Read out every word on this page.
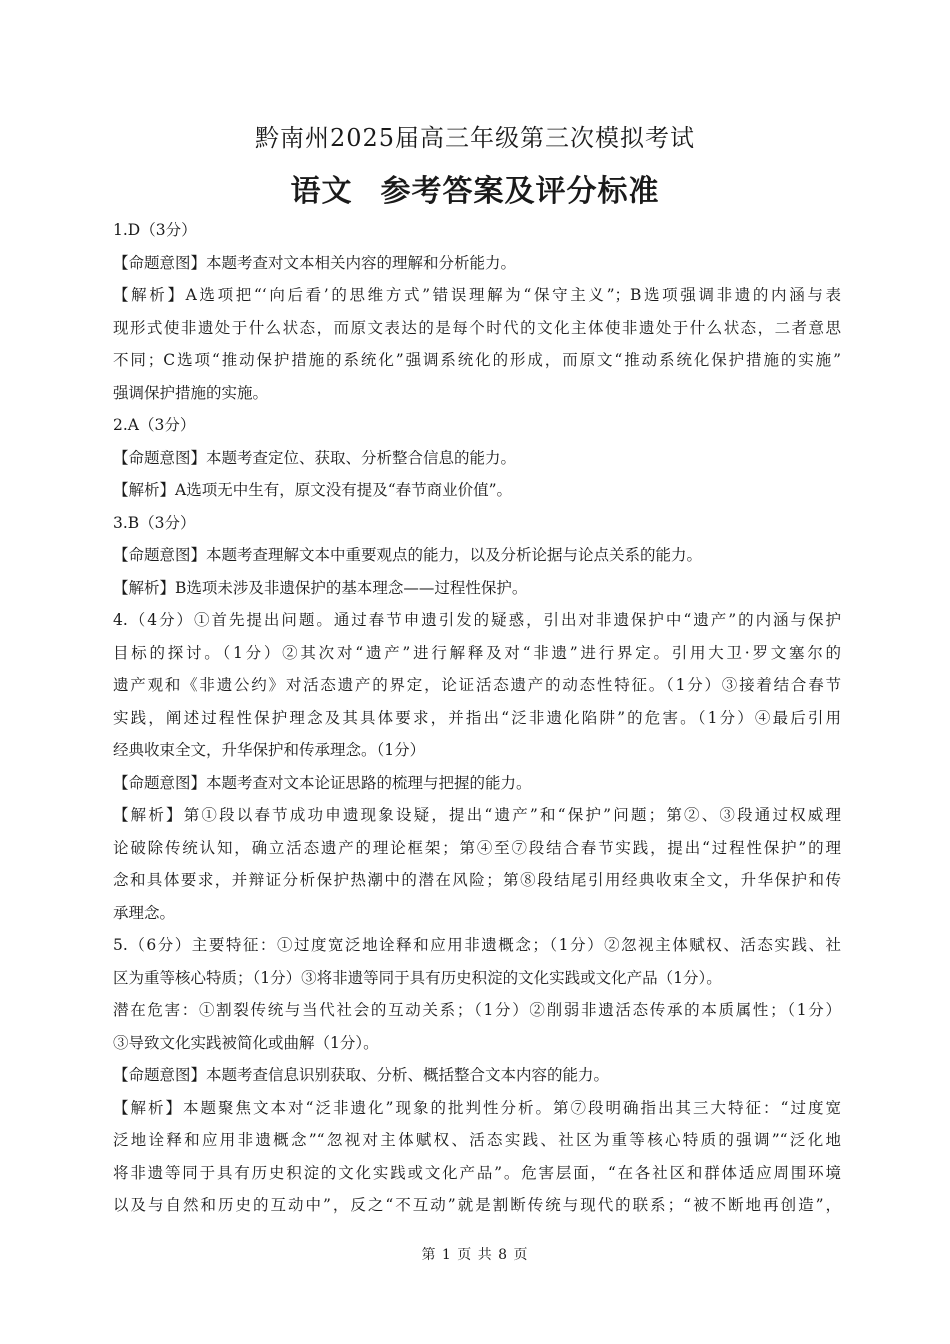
黔南州2025届高三年级第三次模拟考试
语文 参考答案及评分标准
1.D（3分）
【命题意图】本题考查对文本相关内容的理解和分析能力。
【解析】A选项把“‘向后看’的思维方式”错误理解为“保守主义”；B选项强调非遗的内涵与表
现形式使非遗处于什么状态，而原文表达的是每个时代的文化主体使非遗处于什么状态，二者意思
不同；C选项“推动保护措施的系统化”强调系统化的形成，而原文“推动系统化保护措施的实施”
强调保护措施的实施。
2.A（3分）
【命题意图】本题考查定位、获取、分析整合信息的能力。
【解析】A选项无中生有，原文没有提及“春节商业价值”。
3.B（3分）
【命题意图】本题考查理解文本中重要观点的能力，以及分析论据与论点关系的能力。
【解析】B选项未涉及非遗保护的基本理念——过程性保护。
4.（4分）①首先提出问题。通过春节申遗引发的疑惑，引出对非遗保护中“遗产”的内涵与保护
目标的探讨。（1分）②其次对“遗产”进行解释及对“非遗”进行界定。引用大卫·罗文塞尔的
遗产观和《非遗公约》对活态遗产的界定，论证活态遗产的动态性特征。（1分）③接着结合春节
实践，阐述过程性保护理念及其具体要求，并指出“泛非遗化陷阱”的危害。（1分）④最后引用
经典收束全文，升华保护和传承理念。（1分）
【命题意图】本题考查对文本论证思路的梳理与把握的能力。
【解析】第①段以春节成功申遗现象设疑，提出“遗产”和“保护”问题；第②、③段通过权威理
论破除传统认知，确立活态遗产的理论框架；第④至⑦段结合春节实践，提出“过程性保护”的理
念和具体要求，并辩证分析保护热潮中的潜在风险；第⑧段结尾引用经典收束全文，升华保护和传
承理念。
5.（6分）主要特征：①过度宽泛地诠释和应用非遗概念；（1分）②忽视主体赋权、活态实践、社
区为重等核心特质；（1分）③将非遗等同于具有历史积淀的文化实践或文化产品（1分）。
潜在危害：①割裂传统与当代社会的互动关系；（1分）②削弱非遗活态传承的本质属性；（1分）
③导致文化实践被简化或曲解（1分）。
【命题意图】本题考查信息识别获取、分析、概括整合文本内容的能力。
【解析】本题聚焦文本对“泛非遗化”现象的批判性分析。第⑦段明确指出其三大特征：“过度宽
泛地诠释和应用非遗概念”“忽视对主体赋权、活态实践、社区为重等核心特质的强调”“泛化地
将非遗等同于具有历史积淀的文化实践或文化产品”。危害层面，“在各社区和群体适应周围环境
以及与自然和历史的互动中”，反之“不互动”就是割断传统与现代的联系；“被不断地再创造”，
第 1 页 共 8 页
